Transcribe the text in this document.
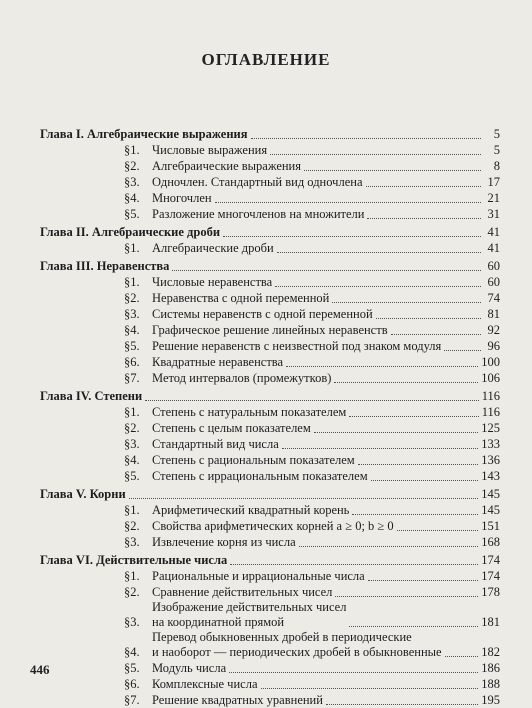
ОГЛАВЛЕНИЕ
Глава I. Алгебраические выражения	5
§1. Числовые выражения	5
§2. Алгебраические выражения	8
§3. Одночлен. Стандартный вид одночлена	17
§4. Многочлен	21
§5. Разложение многочленов на множители	31
Глава II. Алгебраические дроби	41
§1. Алгебраические дроби	41
Глава III. Неравенства	60
§1. Числовые неравенства	60
§2. Неравенства с одной переменной	74
§3. Системы неравенств с одной переменной	81
§4. Графическое решение линейных неравенств	92
§5. Решение неравенств с неизвестной под знаком модуля	96
§6. Квадратные неравенства	100
§7. Метод интервалов (промежутков)	106
Глава IV. Степени	116
§1. Степень с натуральным показателем	116
§2. Степень с целым показателем	125
§3. Стандартный вид числа	133
§4. Степень с рациональным показателем	136
§5. Степень с иррациональным показателем	143
Глава V. Корни	145
§1. Арифметический квадратный корень	145
§2. Свойства арифметических корней a ≥ 0; b ≥ 0	151
§3. Извлечение корня из числа	168
Глава VI. Действительные числа	174
§1. Рациональные и иррациональные числа	174
§2. Сравнение действительных чисел	178
§3.
Изображение действительных чисел
на координатной прямой	181
§4.
Перевод обыкновенных дробей в периодические
и наоборот — периодических дробей в обыкновенные	182
§5. Модуль числа	186
§6. Комплексные числа	188
§7. Решение квадратных уравнений	195
446
